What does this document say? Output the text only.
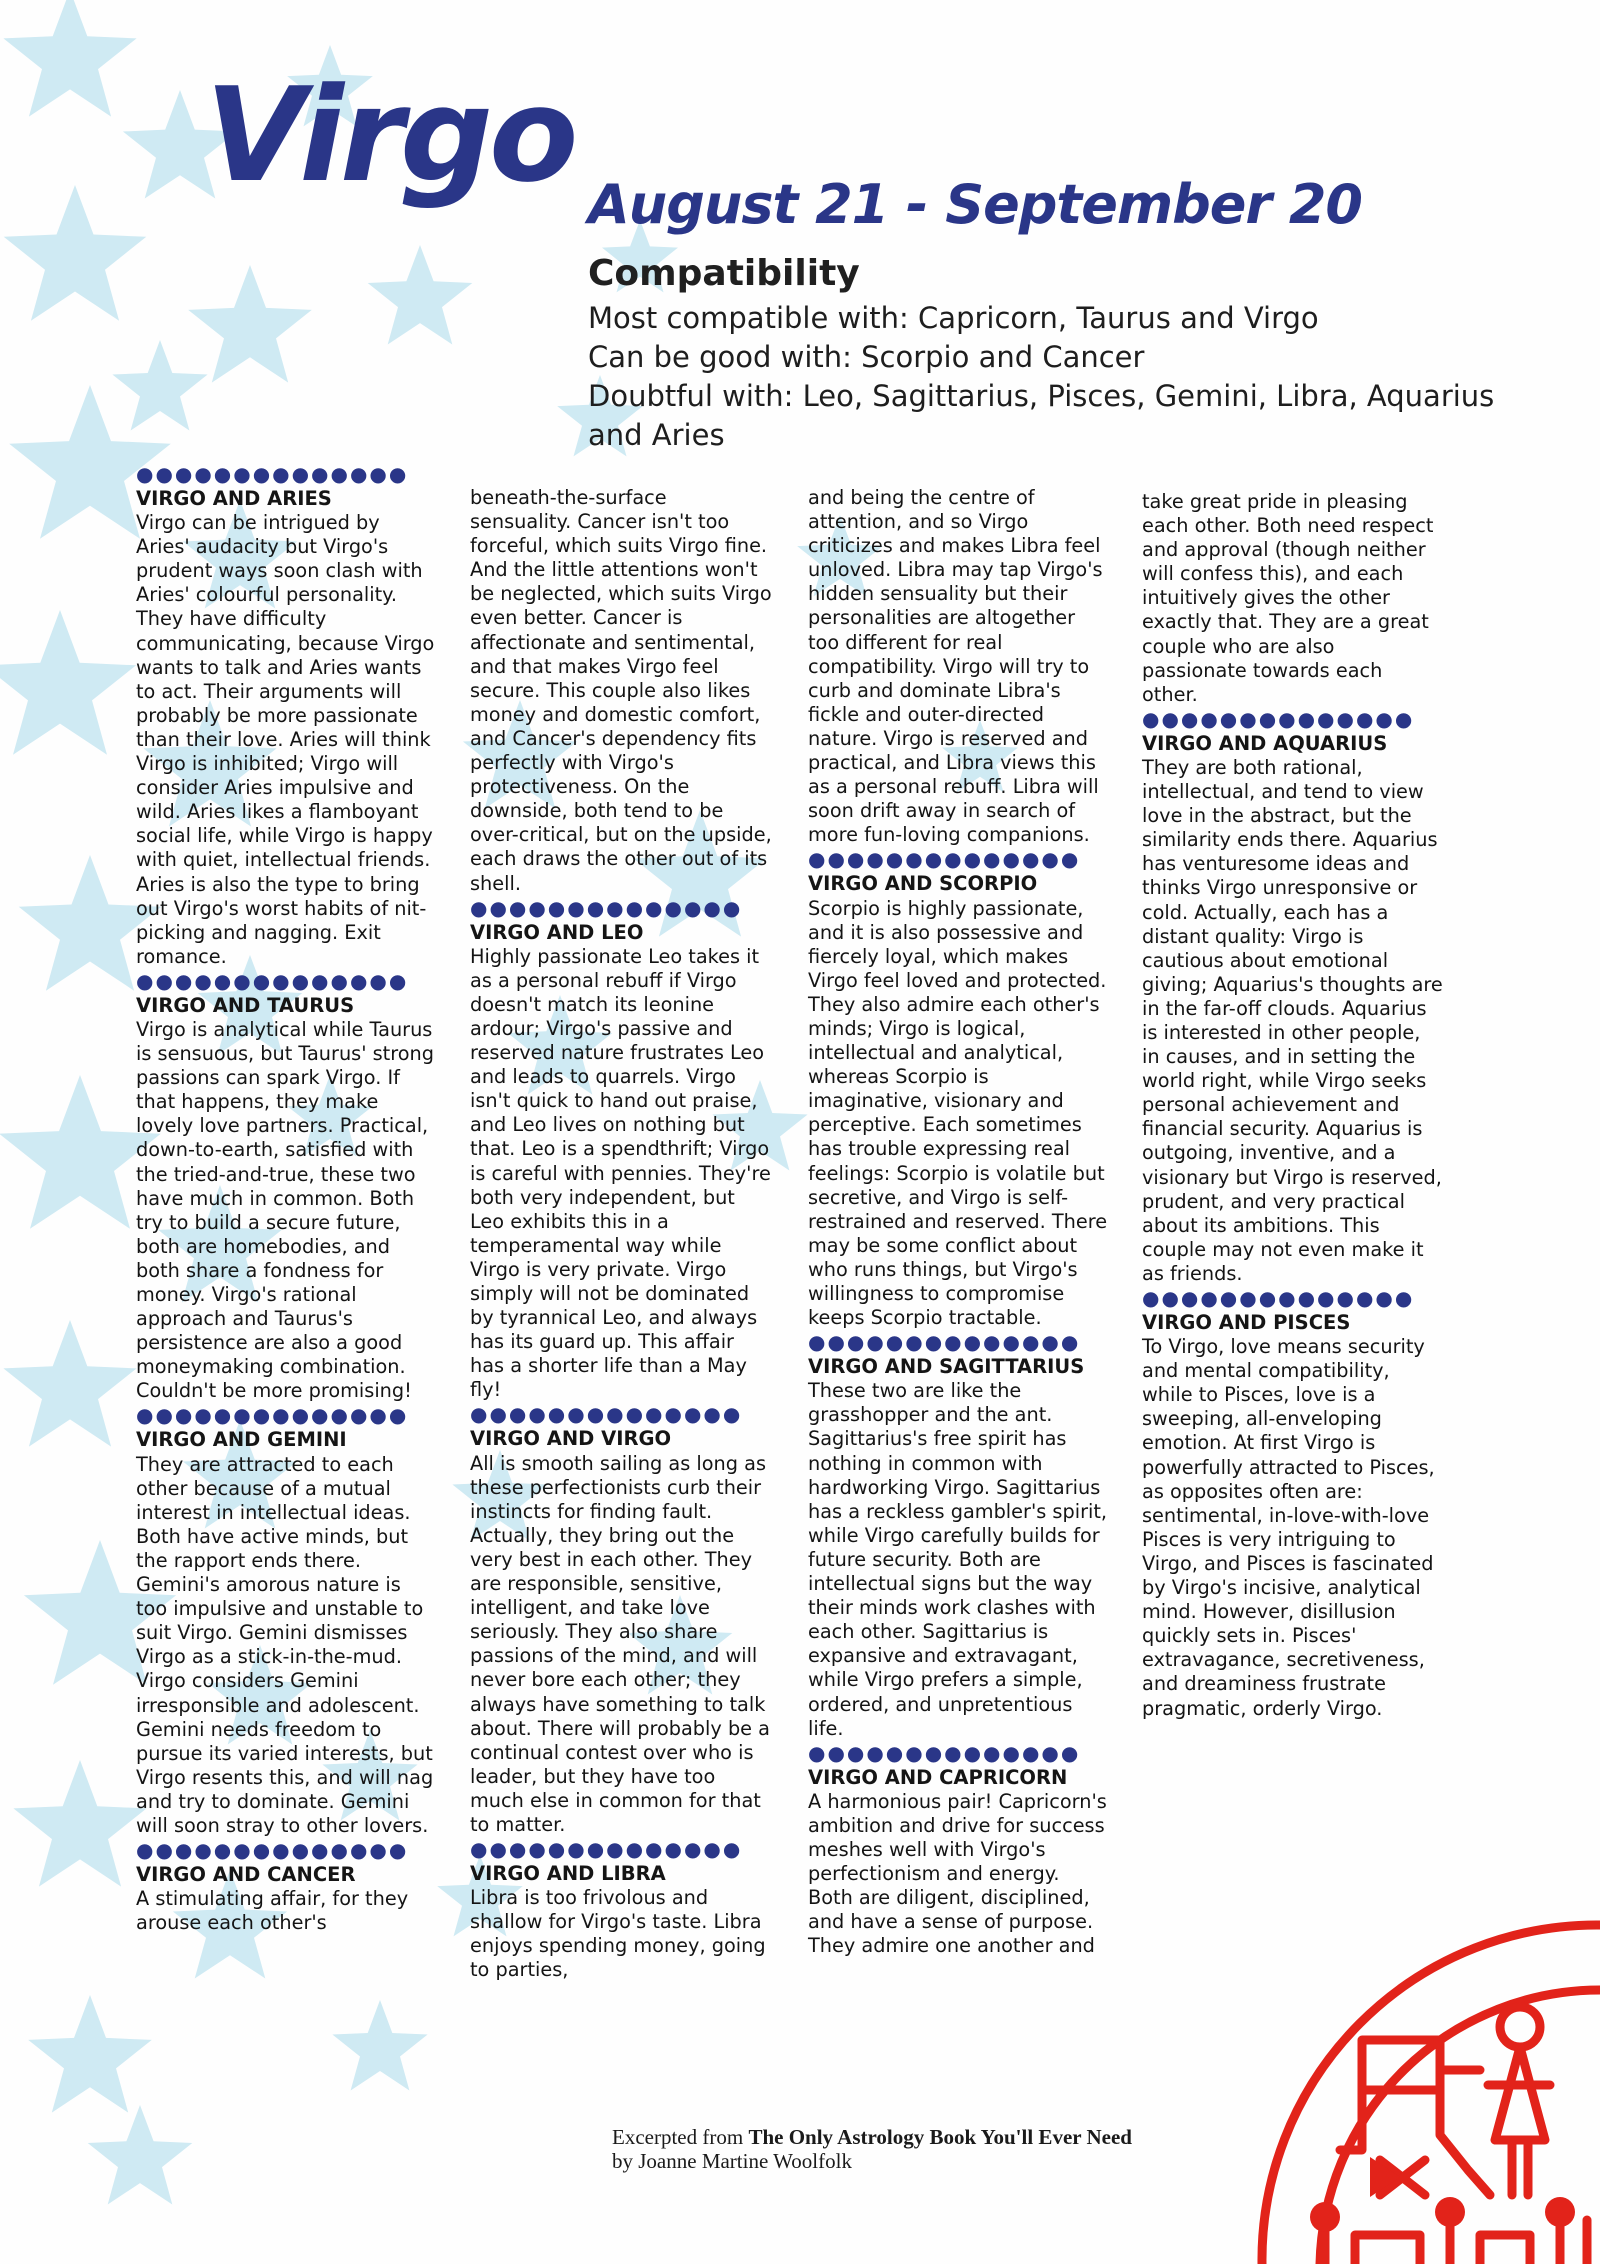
Virgo August 21 - September 20
Compatibility

Most compatible with: Capricorn, Taurus and Virgo

Can be good with: Scorpio and Cancer

Doubtful with: Leo, Sagittarius, Pisces, Gemini, Libra, Aquarius and Aries

●●●●●●●●●●●●●●
VIRGO AND ARIES

Virgo can be intrigued by Aries' audacity but Virgo's prudent ways soon clash with Aries' colourful personality. They have difficulty communicating, because Virgo wants to talk and Aries wants to act. Their arguments will probably be more passionate than their love. Aries will think Virgo is inhibited; Virgo will consider Aries impulsive and wild. Aries likes a flamboyant social life, while Virgo is happy with quiet, intellectual friends. Aries is also the type to bring out Virgo's worst habits of nit-picking and nagging. Exit romance.

●●●●●●●●●●●●●●
VIRGO AND TAURUS

Virgo is analytical while Taurus is sensuous, but Taurus' strong passions can spark Virgo. If that happens, they make lovely love partners. Practical, down-to-earth, satisfied with the tried-and-true, these two have much in common. Both try to build a secure future, both are homebodies, and both share a fondness for money. Virgo's rational approach and Taurus's persistence are also a good moneymaking combination. Couldn't be more promising!

●●●●●●●●●●●●●●
VIRGO AND GEMINI

They are attracted to each other because of a mutual interest in intellectual ideas. Both have active minds, but the rapport ends there. Gemini's amorous nature is too impulsive and unstable to suit Virgo. Gemini dismisses Virgo as a stick-in-the-mud. Virgo considers Gemini irresponsible and adolescent. Gemini needs freedom to pursue its varied interests, but Virgo resents this, and will nag and try to dominate. Gemini will soon stray to other lovers.

●●●●●●●●●●●●●●
VIRGO AND CANCER

A stimulating affair, for they arouse each other's

beneath-the-surface sensuality. Cancer isn't too forceful, which suits Virgo fine. And the little attentions won't be neglected, which suits Virgo even better. Cancer is affectionate and sentimental, and that makes Virgo feel secure. This couple also likes money and domestic comfort, and Cancer's dependency fits perfectly with Virgo's protectiveness. On the downside, both tend to be over-critical, but on the upside, each draws the other out of its shell.

●●●●●●●●●●●●●●
VIRGO AND LEO

Highly passionate Leo takes it as a personal rebuff if Virgo doesn't match its leonine ardour; Virgo's passive and reserved nature frustrates Leo and leads to quarrels. Virgo isn't quick to hand out praise, and Leo lives on nothing but that. Leo is a spendthrift; Virgo is careful with pennies. They're both very independent, but Leo exhibits this in a temperamental way while Virgo is very private. Virgo simply will not be dominated by tyrannical Leo, and always has its guard up. This affair has a shorter life than a May fly!

●●●●●●●●●●●●●●
VIRGO AND VIRGO

All is smooth sailing as long as these perfectionists curb their instincts for finding fault. Actually, they bring out the very best in each other. They are responsible, sensitive, intelligent, and take love seriously. They also share passions of the mind, and will never bore each other; they always have something to talk about. There will probably be a continual contest over who is leader, but they have too much else in common for that to matter.

●●●●●●●●●●●●●●
VIRGO AND LIBRA

Libra is too frivolous and shallow for Virgo's taste. Libra enjoys spending money, going to parties,

and being the centre of attention, and so Virgo criticizes and makes Libra feel unloved. Libra may tap Virgo's hidden sensuality but their personalities are altogether too different for real compatibility. Virgo will try to curb and dominate Libra's fickle and outer-directed nature. Virgo is reserved and practical, and Libra views this as a personal rebuff. Libra will soon drift away in search of more fun-loving companions.

●●●●●●●●●●●●●●
VIRGO AND SCORPIO

Scorpio is highly passionate, and it is also possessive and fiercely loyal, which makes Virgo feel loved and protected. They also admire each other's minds; Virgo is logical, intellectual and analytical, whereas Scorpio is imaginative, visionary and perceptive. Each sometimes has trouble expressing real feelings: Scorpio is volatile but secretive, and Virgo is self-restrained and reserved. There may be some conflict about who runs things, but Virgo's willingness to compromise keeps Scorpio tractable.

●●●●●●●●●●●●●●
VIRGO AND SAGITTARIUS

These two are like the grasshopper and the ant. Sagittarius's free spirit has nothing in common with hardworking Virgo. Sagittarius has a reckless gambler's spirit, while Virgo carefully builds for future security. Both are intellectual signs but the way their minds work clashes with each other. Sagittarius is expansive and extravagant, while Virgo prefers a simple, ordered, and unpretentious life.

●●●●●●●●●●●●●●
VIRGO AND CAPRICORN

A harmonious pair! Capricorn's ambition and drive for success meshes well with Virgo's perfectionism and energy. Both are diligent, disciplined, and have a sense of purpose. They admire one another and

take great pride in pleasing each other. Both need respect and approval (though neither will confess this), and each intuitively gives the other exactly that. They are a great couple who are also passionate towards each other.

●●●●●●●●●●●●●●
VIRGO AND AQUARIUS

They are both rational, intellectual, and tend to view love in the abstract, but the similarity ends there. Aquarius has venturesome ideas and thinks Virgo unresponsive or cold. Actually, each has a distant quality: Virgo is cautious about emotional giving; Aquarius's thoughts are in the far-off clouds. Aquarius is interested in other people, in causes, and in setting the world right, while Virgo seeks personal achievement and financial security. Aquarius is outgoing, inventive, and a visionary but Virgo is reserved, prudent, and very practical about its ambitions. This couple may not even make it as friends.

●●●●●●●●●●●●●●
VIRGO AND PISCES

To Virgo, love means security and mental compatibility, while to Pisces, love is a sweeping, all-enveloping emotion. At first Virgo is powerfully attracted to Pisces, as opposites often are: sentimental, in-love-with-love Pisces is very intriguing to Virgo, and Pisces is fascinated by Virgo's incisive, analytical mind. However, disillusion quickly sets in. Pisces' extravagance, secretiveness, and dreaminess frustrate pragmatic, orderly Virgo.

Excerpted from The Only Astrology Book You'll Ever Need
by Joanne Martine Woolfolk
